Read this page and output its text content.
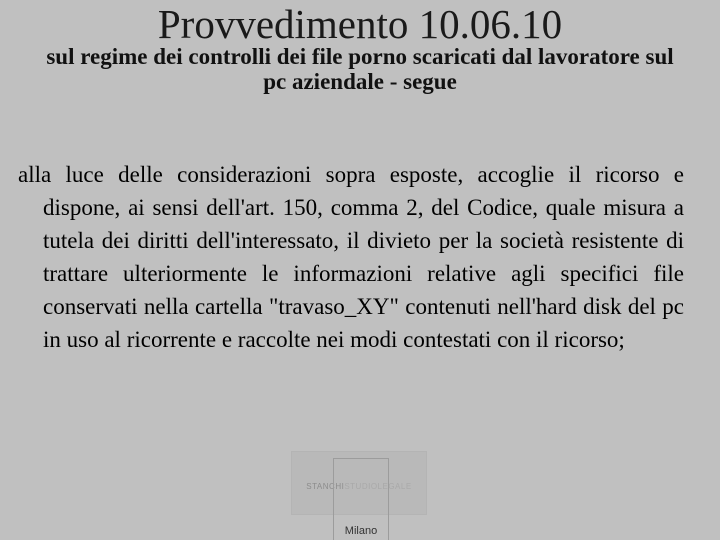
Provvedimento 10.06.10
sul regime dei controlli dei file porno scaricati dal lavoratore sul pc aziendale - segue
alla luce delle considerazioni sopra esposte, accoglie il ricorso e dispone, ai sensi dell'art. 150, comma 2, del Codice, quale misura a tutela dei diritti dell'interessato, il divieto per la società resistente di trattare ulteriormente le informazioni relative agli specifici file conservati nella cartella "travaso_XY" contenuti nell'hard disk del pc in uso al ricorrente e raccolte nei modi contestati con il ricorso;
STANCHISTUDIOLEGALE
Milano
